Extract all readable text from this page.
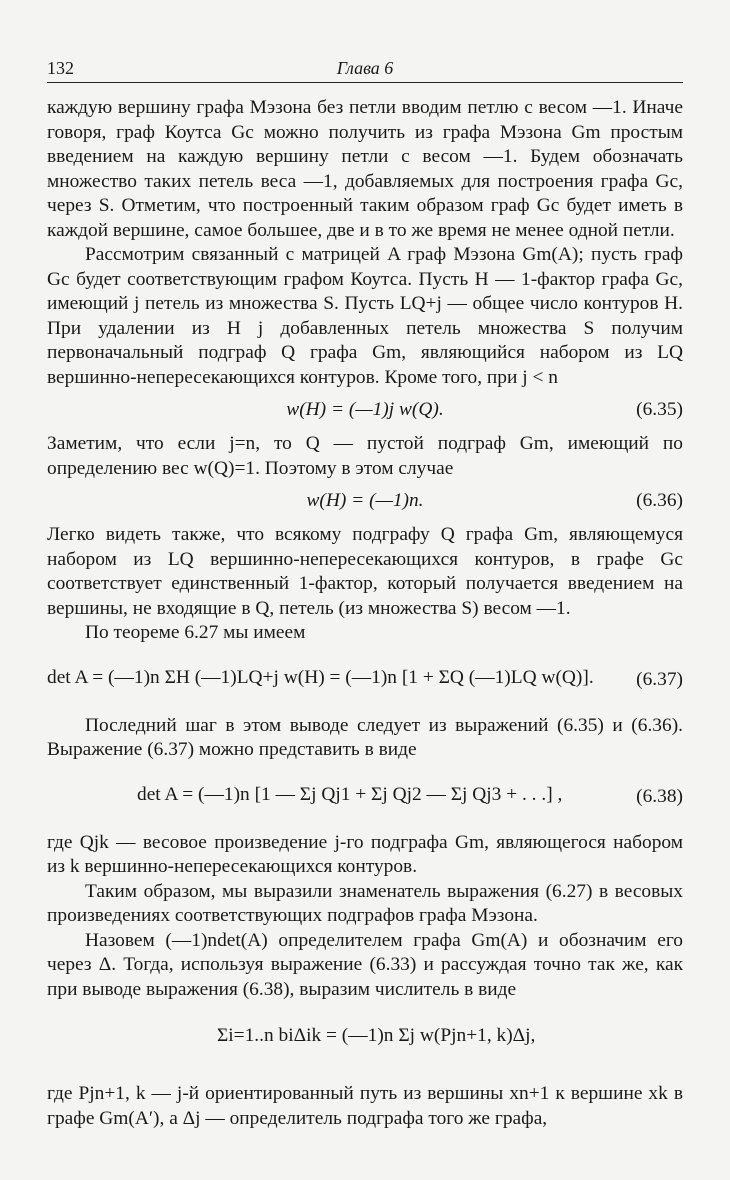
132	Глава 6

каждую вершину графа Мэзона без петли вводим петлю с весом —1. Иначе говоря, граф Коутса Gc можно получить из графа Мэзона Gm простым введением на каждую вершину петли с весом —1. Будем обозначать множество таких петель веса —1, добавляемых для построения графа Gc, через S. Отметим, что построенный таким образом граф Gc будет иметь в каждой вершине, самое большее, две и в то же время не менее одной петли.

Рассмотрим связанный с матрицей A граф Мэзона Gm(A); пусть граф Gc будет соответствующим графом Коутса. Пусть H — 1-фактор графа Gc, имеющий j петель из множества S. Пусть LQ+j — общее число контуров H. При удалении из H j добавленных петель множества S получим первоначальный подграф Q графа Gm, являющийся набором из LQ вершинно-непересекающихся контуров. Кроме того, при j < n

w(H) = (—1)j w(Q).	(6.35)

Заметим, что если j=n, то Q — пустой подграф Gm, имеющий по определению вес w(Q)=1. Поэтому в этом случае

w(H) = (—1)n.	(6.36)

Легко видеть также, что всякому подграфу Q графа Gm, являющемуся набором из LQ вершинно-непересекающихся контуров, в графе Gc соответствует единственный 1-фактор, который получается введением на вершины, не входящие в Q, петель (из множества S) весом —1.

По теореме 6.27 мы имеем

det A = (—1)n ΣH (—1)LQ+j w(H) = (—1)n [1 + ΣQ (—1)LQ w(Q)].	(6.37)

Последний шаг в этом выводе следует из выражений (6.35) и (6.36). Выражение (6.37) можно представить в виде

det A = (—1)n [1 — Σj Qj1 + Σj Qj2 — Σj Qj3 + . . .] ,	(6.38)

где Qjk — весовое произведение j-го подграфа Gm, являющегося набором из k вершинно-непересекающихся контуров.

Таким образом, мы выразили знаменатель выражения (6.27) в весовых произведениях соответствующих подграфов графа Мэзона.

Назовем (—1)ndet(A) определителем графа Gm(A) и обозначим его через Δ. Тогда, используя выражение (6.33) и рассуждая точно так же, как при выводе выражения (6.38), выразим числитель в виде

Σi=1..n biΔik = (—1)n Σj w(Pjn+1, k)Δj,

где Pjn+1, k — j-й ориентированный путь из вершины xn+1 к вершине xk в графе Gm(A′), а Δj — определитель подграфа того же графа,
